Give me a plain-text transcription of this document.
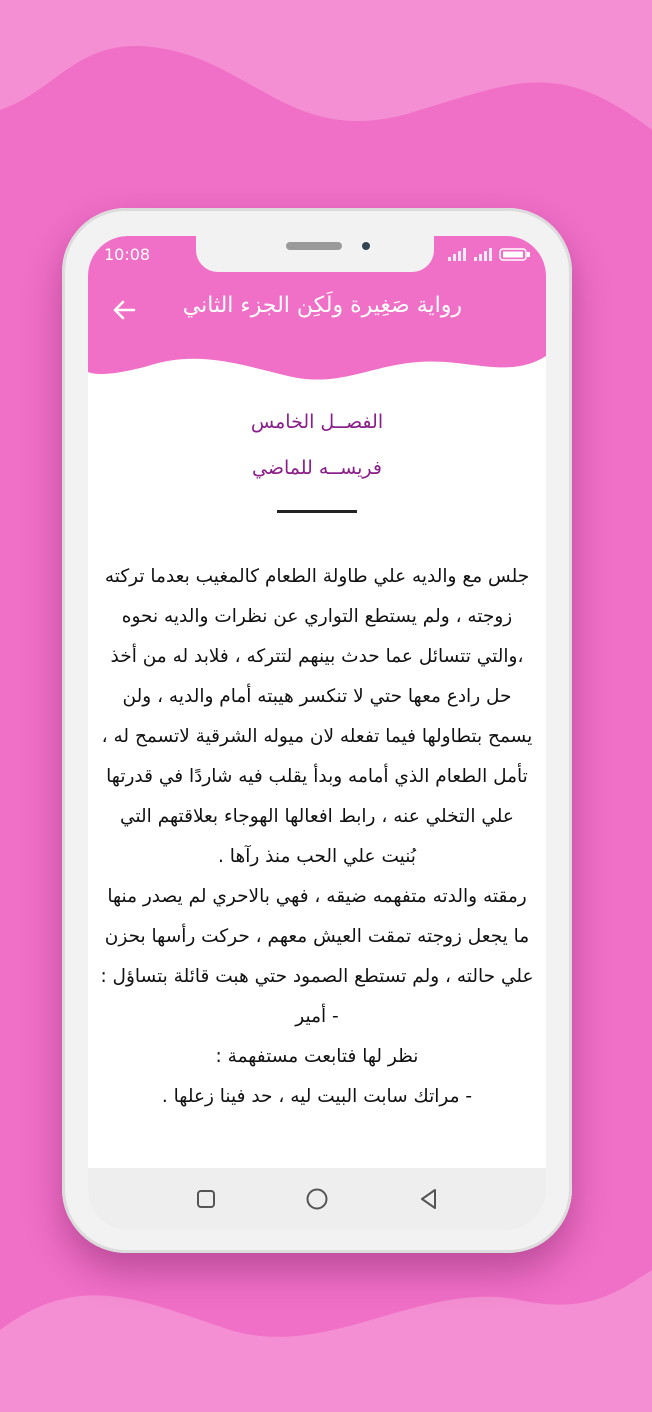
10:08
رواية صَغِيرة ولَكِن الجزء الثاني
الفصــل الخامس
فريســه للماضي

جلس مع والديه علي طاولة الطعام كالمغيب بعدما تركته زوجته ، ولم يستطع التواري عن نظرات والديه نحوه ،والتي تتسائل عما حدث بينهم لتتركه ، فلابد له من أخذ حل رادع معها حتي لا تنكسر هيبته أمام والديه ، ولن يسمح بتطاولها فيما تفعله لان ميوله الشرقية لاتسمح له ، تأمل الطعام الذي أمامه وبدأ يقلب فيه شاردًا في قدرتها علي التخلي عنه ، رابط افعالها الهوجاء بعلاقتهم التي بُنيت علي الحب منذ رآها .

رمقته والدته متفهمه ضيقه ، فهي بالاحري لم يصدر منها ما يجعل زوجته تمقت العيش معهم ، حركت رأسها بحزن علي حالته ، ولم تستطع الصمود حتي هبت قائلة بتساؤل :

- أمير

نظر لها فتابعت مستفهمة :

- مراتك سابت البيت ليه ، حد فينا زعلها .
